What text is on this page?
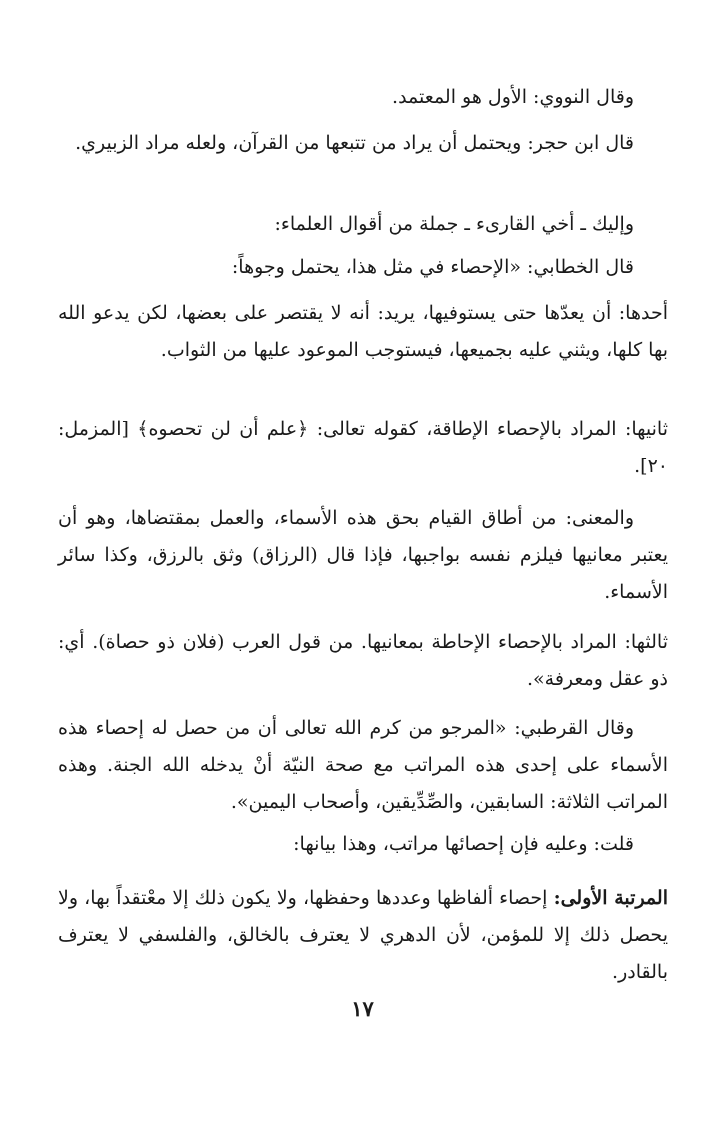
وقال النووي: الأول هو المعتمد.

قال ابن حجر: ويحتمل أن يراد من تتبعها من القرآن، ولعله مراد الزبيري.

وإليك ـ أخي القارىء ـ جملة من أقوال العلماء:

قال الخطابي: «الإحصاء في مثل هذا، يحتمل وجوهاً:

أحدها: أن يعدّها حتى يستوفيها، يريد: أنه لا يقتصر على بعضها، لكن يدعو الله بها كلها، ويثني عليه بجميعها، فيستوجب الموعود عليها من الثواب.

ثانيها: المراد بالإحصاء الإطاقة، كقوله تعالى: ﴿علم أن لن تحصوه﴾ [المزمل: ٢٠].

والمعنى: من أطاق القيام بحق هذه الأسماء، والعمل بمقتضاها، وهو أن يعتبر معانيها فيلزم نفسه بواجبها، فإذا قال (الرزاق) وثق بالرزق، وكذا سائر الأسماء.

ثالثها: المراد بالإحصاء الإحاطة بمعانيها. من قول العرب (فلان ذو حصاة). أي: ذو عقل ومعرفة».

وقال القرطبي: «المرجو من كرم الله تعالى أن من حصل له إحصاء هذه الأسماء على إحدى هذه المراتب مع صحة النيّة أنْ يدخله الله الجنة. وهذه المراتب الثلاثة: السابقين، والصِّدِّيقين، وأصحاب اليمين».

قلت: وعليه فإن إحصائها مراتب، وهذا بيانها:

المرتبة الأولى: إحصاء ألفاظها وعددها وحفظها، ولا يكون ذلك إلا معْتقداً بها، ولا يحصل ذلك إلا للمؤمن، لأن الدهري لا يعترف بالخالق، والفلسفي لا يعترف بالقادر.

١٧
